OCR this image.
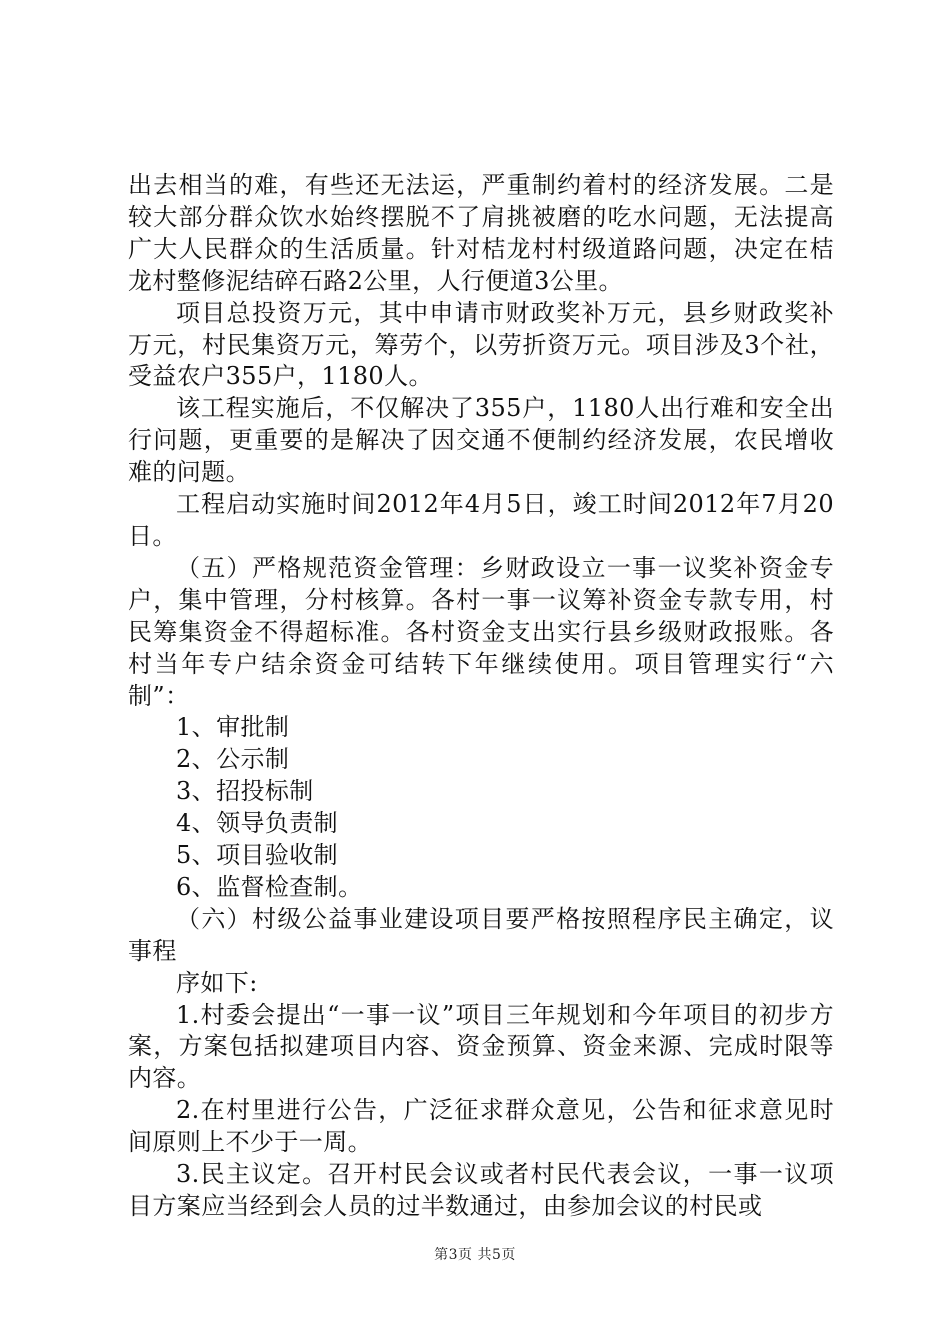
出去相当的难，有些还无法运，严重制约着村的经济发展。二是较大部分群众饮水始终摆脱不了肩挑被磨的吃水问题，无法提高广大人民群众的生活质量。针对桔龙村村级道路问题，决定在桔龙村整修泥结碎石路2公里，人行便道3公里。

项目总投资万元，其中申请市财政奖补万元，县乡财政奖补万元，村民集资万元，筹劳个，以劳折资万元。项目涉及3个社，受益农户355户，1180人。

该工程实施后，不仅解决了355户，1180人出行难和安全出行问题，更重要的是解决了因交通不便制约经济发展，农民增收难的问题。

工程启动实施时间2012年4月5日，竣工时间2012年7月20日。

（五）严格规范资金管理：乡财政设立一事一议奖补资金专户，集中管理，分村核算。各村一事一议筹补资金专款专用，村民筹集资金不得超标准。各村资金支出实行县乡级财政报账。各村当年专户结余资金可结转下年继续使用。项目管理实行“六制”：

1、审批制

2、公示制

3、招投标制

4、领导负责制

5、项目验收制

6、监督检查制。

（六）村级公益事业建设项目要严格按照程序民主确定，议事程

序如下:

1.村委会提出“一事一议”项目三年规划和今年项目的初步方案，方案包括拟建项目内容、资金预算、资金来源、完成时限等内容。

2.在村里进行公告，广泛征求群众意见，公告和征求意见时间原则上不少于一周。

3.民主议定。召开村民会议或者村民代表会议，一事一议项目方案应当经到会人员的过半数通过，由参加会议的村民或

第3页 共5页
